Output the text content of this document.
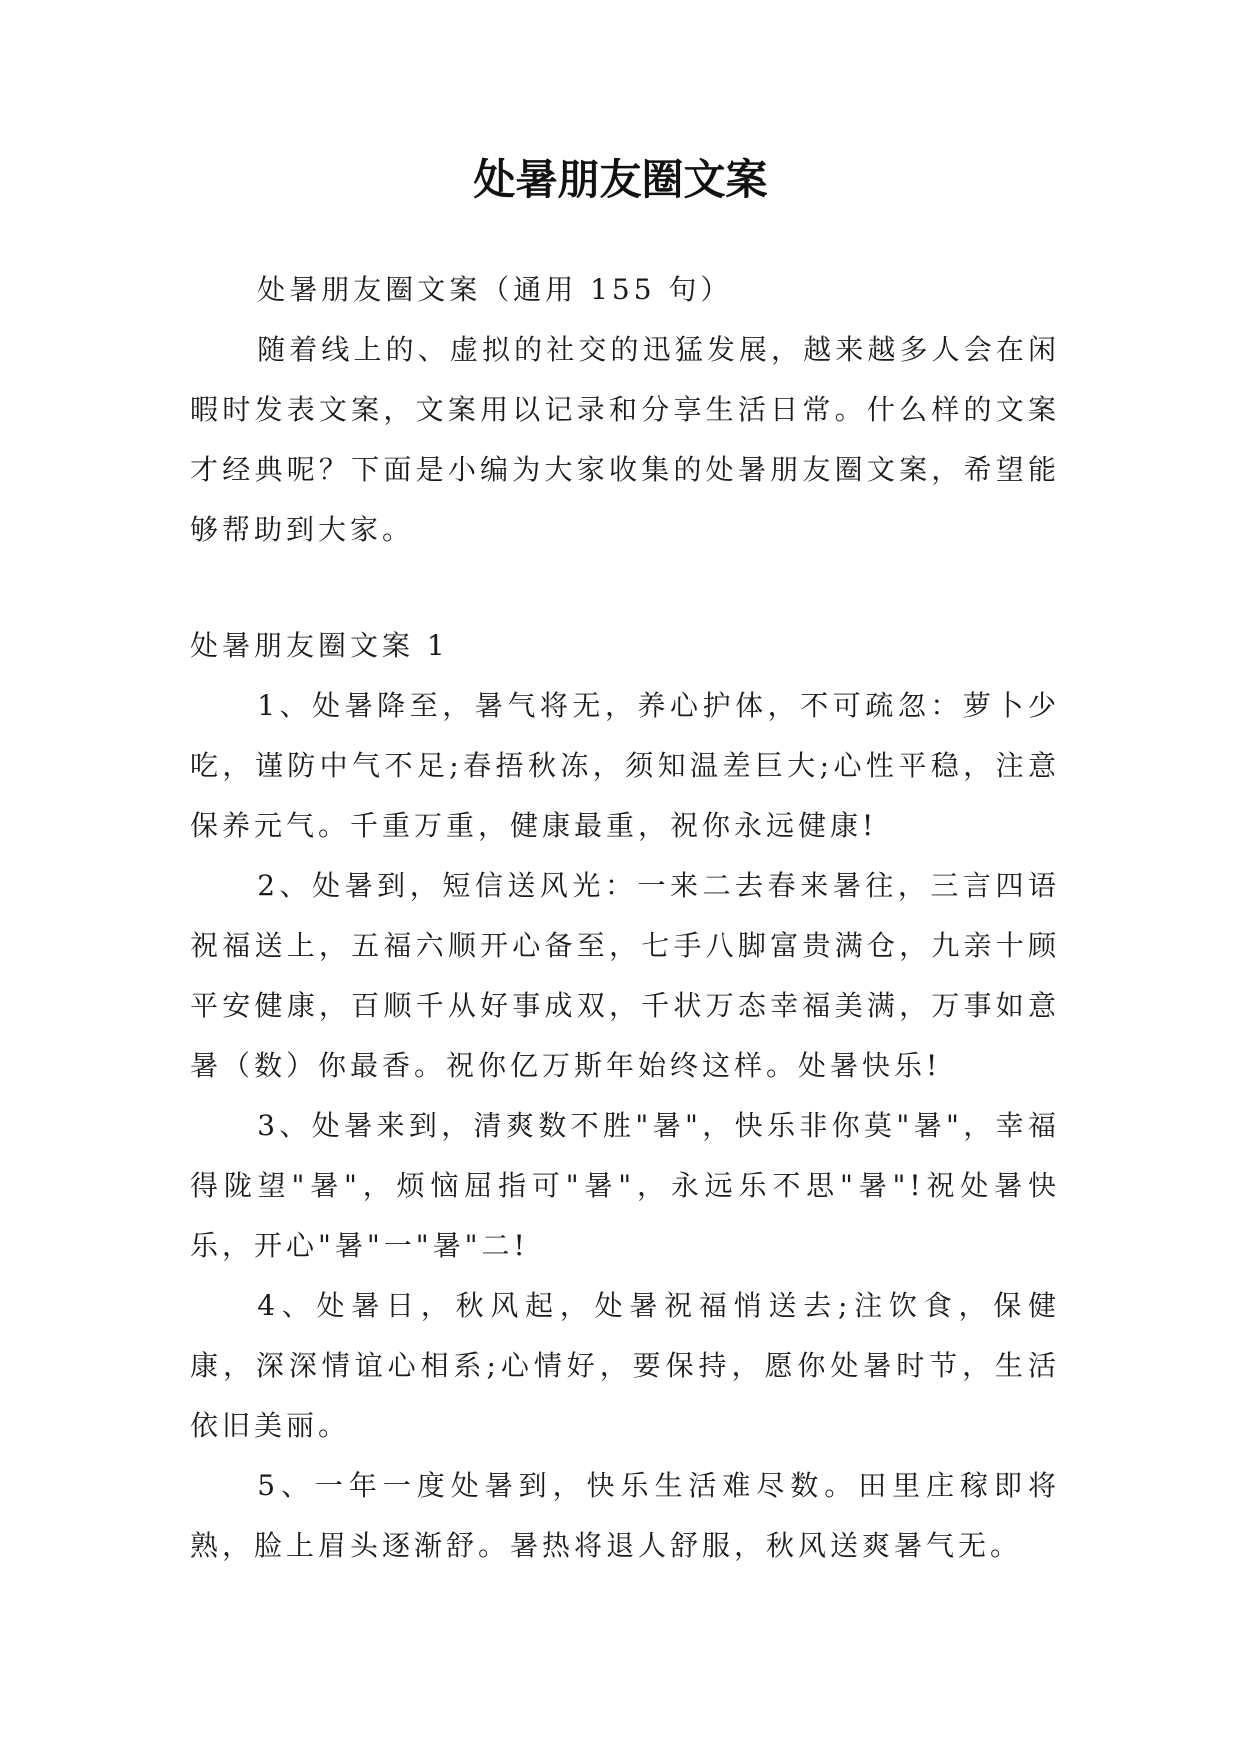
处暑朋友圈文案

处暑朋友圈文案（通用 155 句）

随着线上的、虚拟的社交的迅猛发展，越来越多人会在闲暇时发表文案，文案用以记录和分享生活日常。什么样的文案才经典呢？下面是小编为大家收集的处暑朋友圈文案，希望能够帮助到大家。

处暑朋友圈文案 1

1、处暑降至，暑气将无，养心护体，不可疏忽：萝卜少吃，谨防中气不足;春捂秋冻，须知温差巨大;心性平稳，注意保养元气。千重万重，健康最重，祝你永远健康!

2、处暑到，短信送风光：一来二去春来暑往，三言四语祝福送上，五福六顺开心备至，七手八脚富贵满仓，九亲十顾平安健康，百顺千从好事成双，千状万态幸福美满，万事如意暑（数）你最香。祝你亿万斯年始终这样。处暑快乐!

3、处暑来到，清爽数不胜"暑"，快乐非你莫"暑"，幸福得陇望"暑"，烦恼屈指可"暑"，永远乐不思"暑"!祝处暑快乐，开心"暑"一"暑"二!

4、处暑日，秋风起，处暑祝福悄送去;注饮食，保健康，深深情谊心相系;心情好，要保持，愿你处暑时节，生活依旧美丽。

5、一年一度处暑到，快乐生活难尽数。田里庄稼即将熟，脸上眉头逐渐舒。暑热将退人舒服，秋风送爽暑气无。
